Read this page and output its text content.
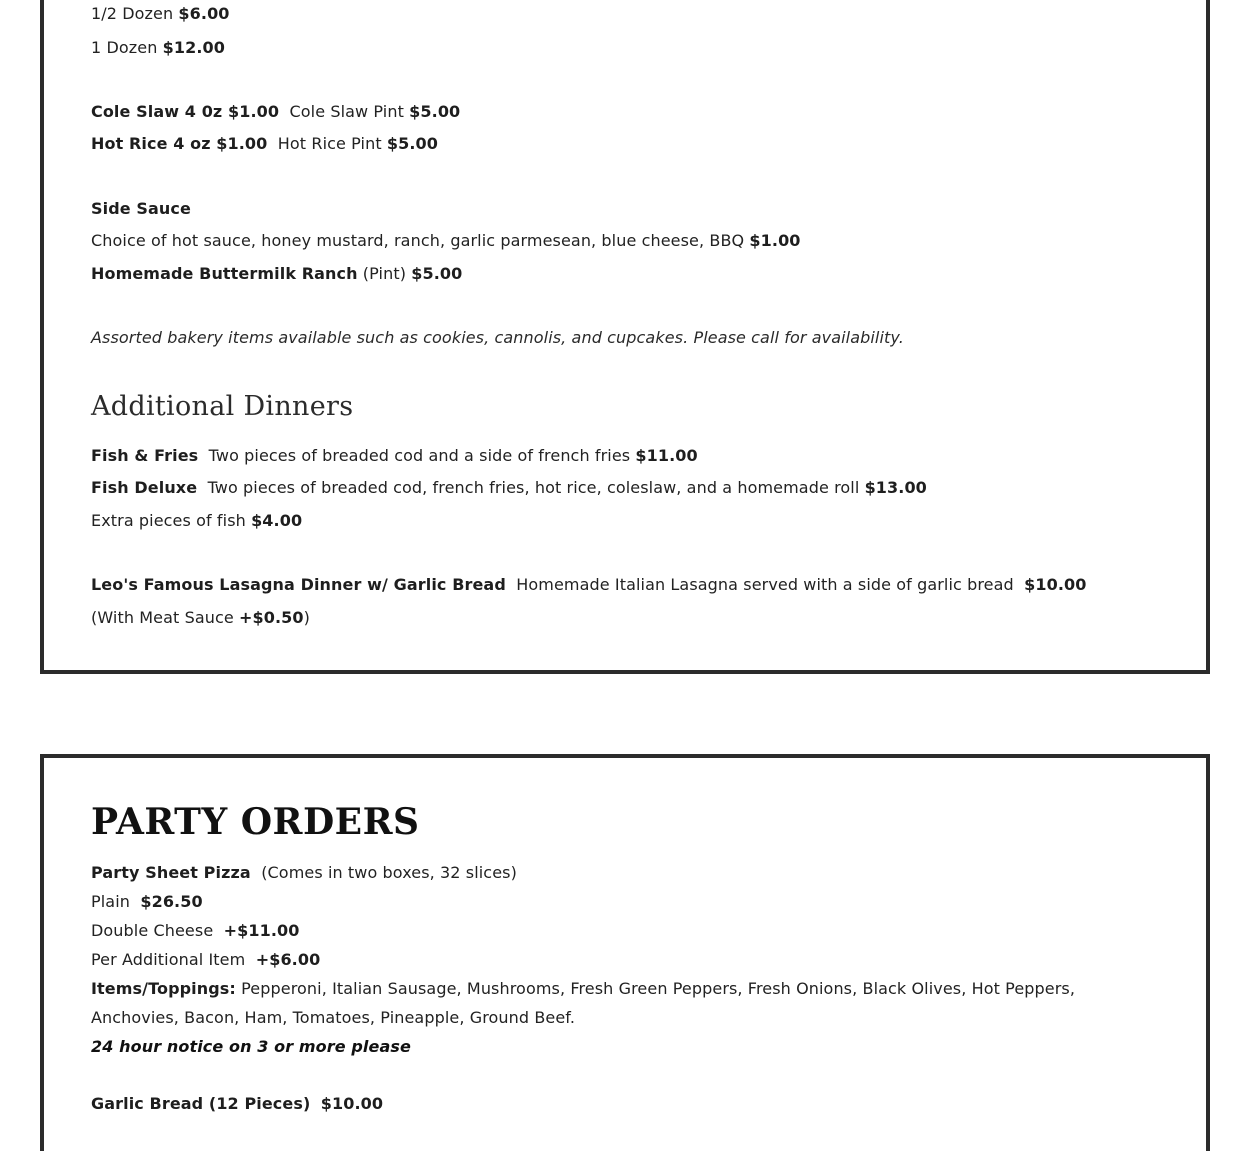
1/2 Dozen $6.00
1 Dozen $12.00
Cole Slaw 4 0z $1.00 Cole Slaw Pint $5.00
Hot Rice 4 oz $1.00 Hot Rice Pint $5.00
Side Sauce
Choice of hot sauce, honey mustard, ranch, garlic parmesean, blue cheese, BBQ $1.00
Homemade Buttermilk Ranch (Pint) $5.00
Assorted bakery items available such as cookies, cannolis, and cupcakes. Please call for availability.
Additional Dinners
Fish & Fries Two pieces of breaded cod and a side of french fries $11.00
Fish Deluxe Two pieces of breaded cod, french fries, hot rice, coleslaw, and a homemade roll $13.00
Extra pieces of fish $4.00
Leo's Famous Lasagna Dinner w/ Garlic Bread Homemade Italian Lasagna served with a side of garlic bread $10.00
(With Meat Sauce +$0.50)
PARTY ORDERS
Party Sheet Pizza (Comes in two boxes, 32 slices)
Plain $26.50
Double Cheese +$11.00
Per Additional Item +$6.00
Items/Toppings: Pepperoni, Italian Sausage, Mushrooms, Fresh Green Peppers, Fresh Onions, Black Olives, Hot Peppers,
Anchovies, Bacon, Ham, Tomatoes, Pineapple, Ground Beef.
24 hour notice on 3 or more please
Garlic Bread (12 Pieces) $10.00
